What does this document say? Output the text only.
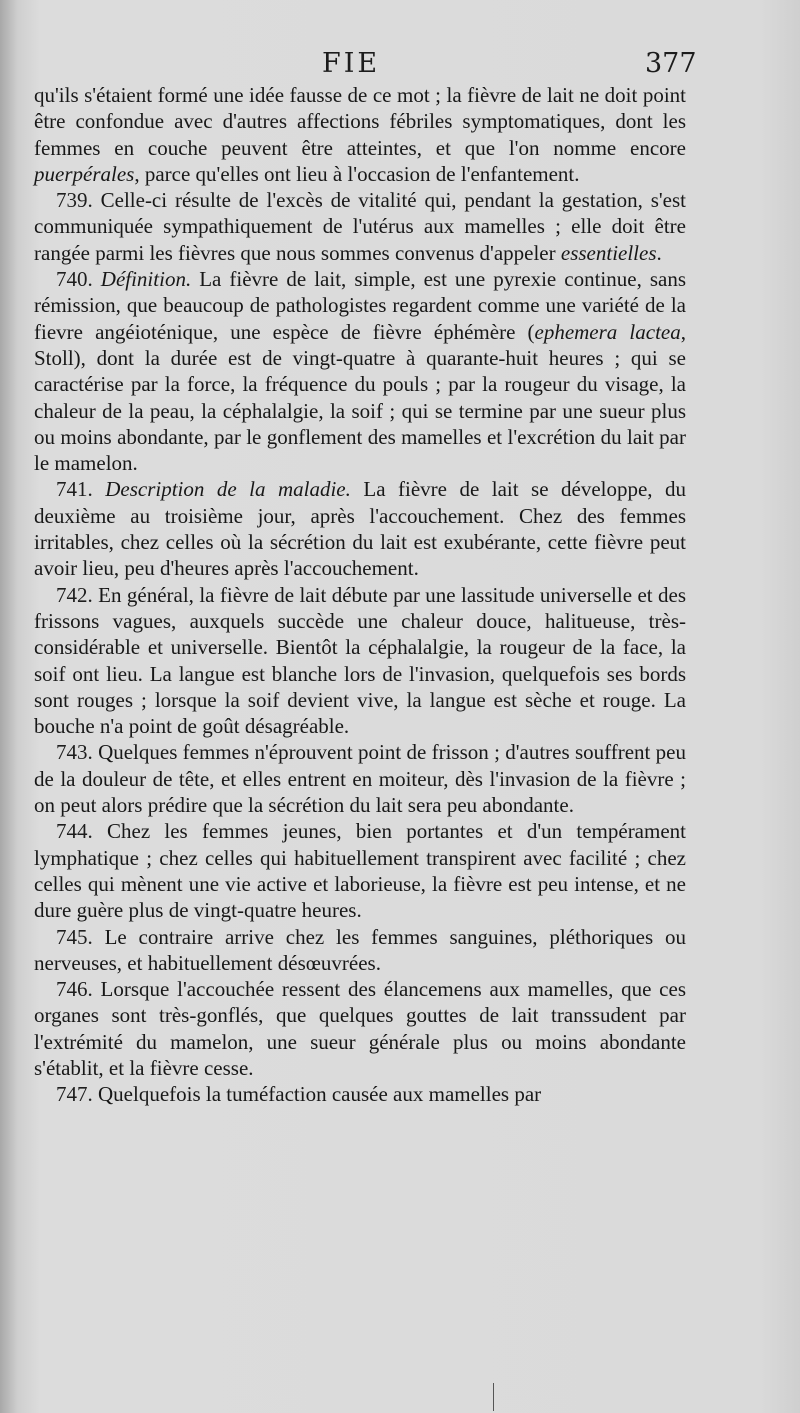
FIE	377

qu'ils s'étaient formé une idée fausse de ce mot ; la fièvre de lait ne doit point être confondue avec d'autres affections fébriles symptomatiques, dont les femmes en couche peuvent être atteintes, et que l'on nomme encore puerpérales, parce qu'elles ont lieu à l'occasion de l'enfantement.

739. Celle-ci résulte de l'excès de vitalité qui, pendant la gestation, s'est communiquée sympathiquement de l'utérus aux mamelles ; elle doit être rangée parmi les fièvres que nous sommes convenus d'appeler essentielles.

740. Définition. La fièvre de lait, simple, est une pyrexie continue, sans rémission, que beaucoup de pathologistes regardent comme une variété de la fievre angéioténique, une espèce de fièvre éphémère (ephemera lactea, Stoll), dont la durée est de vingt-quatre à quarante-huit heures ; qui se caractérise par la force, la fréquence du pouls ; par la rougeur du visage, la chaleur de la peau, la céphalalgie, la soif ; qui se termine par une sueur plus ou moins abondante, par le gonflement des mamelles et l'excrétion du lait par le mamelon.

741. Description de la maladie. La fièvre de lait se développe, du deuxième au troisième jour, après l'accouchement. Chez des femmes irritables, chez celles où la sécrétion du lait est exubérante, cette fièvre peut avoir lieu, peu d'heures après l'accouchement.

742. En général, la fièvre de lait débute par une lassitude universelle et des frissons vagues, auxquels succède une chaleur douce, halitueuse, très-considérable et universelle. Bientôt la céphalalgie, la rougeur de la face, la soif ont lieu. La langue est blanche lors de l'invasion, quelquefois ses bords sont rouges ; lorsque la soif devient vive, la langue est sèche et rouge. La bouche n'a point de goût désagréable.

743. Quelques femmes n'éprouvent point de frisson ; d'autres souffrent peu de la douleur de tête, et elles entrent en moiteur, dès l'invasion de la fièvre ; on peut alors prédire que la sécrétion du lait sera peu abondante.

744. Chez les femmes jeunes, bien portantes et d'un tempérament lymphatique ; chez celles qui habituellement transpirent avec facilité ; chez celles qui mènent une vie active et laborieuse, la fièvre est peu intense, et ne dure guère plus de vingt-quatre heures.

745. Le contraire arrive chez les femmes sanguines, pléthoriques ou nerveuses, et habituellement désœuvrées.

746. Lorsque l'accouchée ressent des élancemens aux mamelles, que ces organes sont très-gonflés, que quelques gouttes de lait transsudent par l'extrémité du mamelon, une sueur générale plus ou moins abondante s'établit, et la fièvre cesse.

747. Quelquefois la tuméfaction causée aux mamelles par
